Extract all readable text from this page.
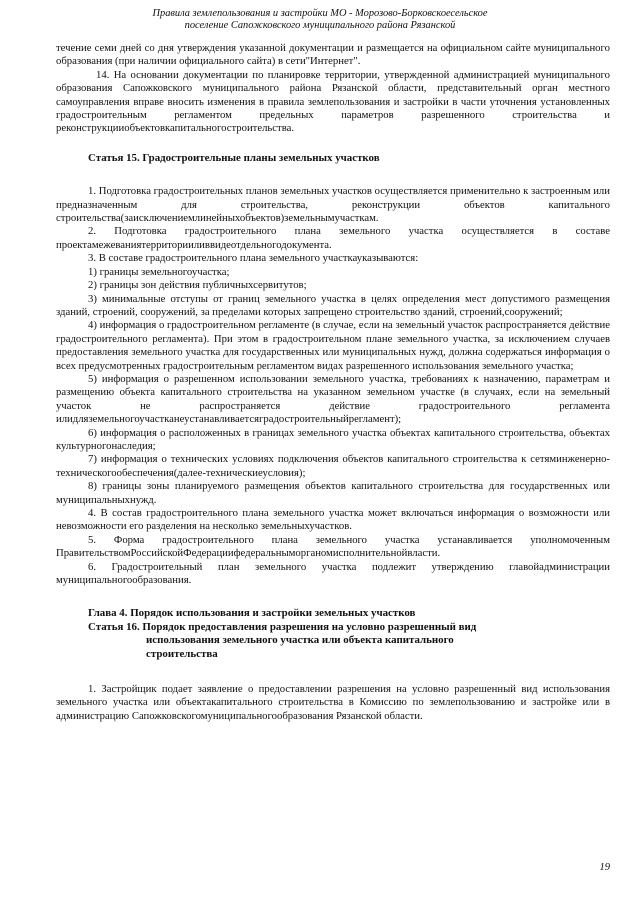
Правила землепользования и застройки МО - Морозово-Борковскоесельское
поселение Сапожковского муниципального района Рязанской

течение семи дней со дня утверждения указанной документации и размещается на официальном сайте муниципального образования (при наличии официального сайта) в сети"Интернет".

14. На основании документации по планировке территории, утвержденной администрацией муниципального образования Сапожковского муниципального района Рязанской области, представительный орган местного самоуправления вправе вносить изменения в правила землепользования и застройки в части уточнения установленных градостроительным регламентом предельных параметров разрешенного строительства и реконструкцииобъектовкапитальногостроительства.

Статья 15. Градостроительные планы земельных участков

1. Подготовка градостроительных планов земельных участков осуществляется применительно к застроенным или предназначенным для строительства, реконструкции объектов капитального строительства(заисключениемлинейныхобъектов)земельнымучасткам.

2. Подготовка градостроительного плана земельного участка осуществляется в составе проектамежеваниятерриторииливвидеотдельногодокумента.

3. В составе градостроительного плана земельного участкауказываются:

1) границы земельногоучастка;

2) границы зон действия публичныхсервитутов;

3) минимальные отступы от границ земельного участка в целях определения мест допустимого размещения зданий, строений, сооружений, за пределами которых запрещено строительство зданий, строений,сооружений;

4) информация о градостроительном регламенте (в случае, если на земельный участок распространяется действие градостроительного регламента). При этом в градостроительном плане земельного участка, за исключением случаев предоставления земельного участка для государственных или муниципальных нужд, должна содержаться информация о всех предусмотренных градостроительным регламентом видах разрешенного использования земельного участка;

5) информация о разрешенном использовании земельного участка, требованиях к назначению, параметрам и размещению объекта капитального строительства на указанном земельном участке (в случаях, если на земельный участок не распространяется действие градостроительного регламента илидляземельногоучастканеустанавливаетсяградостроительныйрегламент);

6) информация о расположенных в границах земельного участка объектах капитального строительства, объектах культурногонаследия;

7) информация о технических условиях подключения объектов капитального строительства к сетяминженерно-техническогообеспечения(далее-техническиеусловия);

8) границы зоны планируемого размещения объектов капитального строительства для государственных или муниципальныхнужд.

4. В состав градостроительного плана земельного участка может включаться информация о возможности или невозможности его разделения на несколько земельныхучастков.

5. Форма градостроительного плана земельного участка устанавливается уполномоченным ПравительствомРоссийскойФедерациифедеральныморганомисполнительнойвласти.

6. Градостроительный план земельного участка подлежит утверждению главойадминистрации муниципальногообразования.

Глава 4. Порядок использования и застройки земельных участков
Статья 16. Порядок предоставления разрешения на условно разрешенный вид
использования земельного участка или объекта капитального
строительства

1. Застройщик подает заявление о предоставлении разрешения на условно разрешенный вид использования земельного участка или объектакапитального строительства в Комиссию по землепользованию и застройке или в администрацию Сапожковскогомуниципальногообразования Рязанской области.

19
